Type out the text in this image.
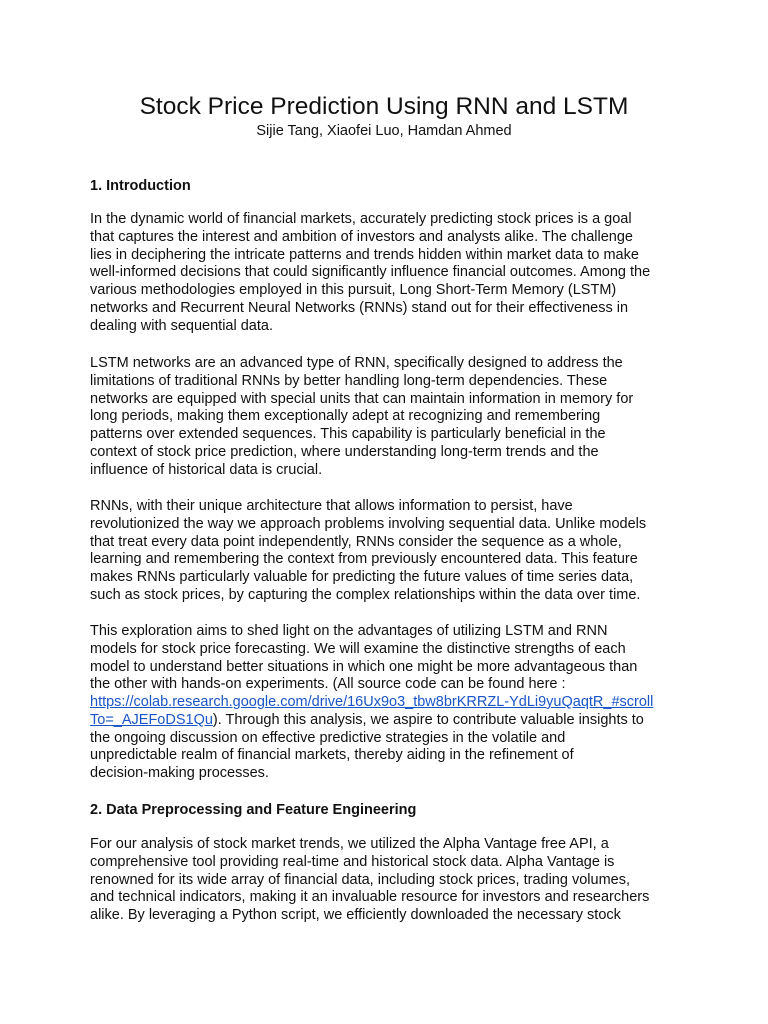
Stock Price Prediction Using RNN and LSTM
Sijie Tang, Xiaofei Luo, Hamdan Ahmed
1. Introduction
In the dynamic world of financial markets, accurately predicting stock prices is a goal
that captures the interest and ambition of investors and analysts alike. The challenge
lies in deciphering the intricate patterns and trends hidden within market data to make
well-informed decisions that could significantly influence financial outcomes. Among the
various methodologies employed in this pursuit, Long Short-Term Memory (LSTM)
networks and Recurrent Neural Networks (RNNs) stand out for their effectiveness in
dealing with sequential data.
LSTM networks are an advanced type of RNN, specifically designed to address the
limitations of traditional RNNs by better handling long-term dependencies. These
networks are equipped with special units that can maintain information in memory for
long periods, making them exceptionally adept at recognizing and remembering
patterns over extended sequences. This capability is particularly beneficial in the
context of stock price prediction, where understanding long-term trends and the
influence of historical data is crucial.
RNNs, with their unique architecture that allows information to persist, have
revolutionized the way we approach problems involving sequential data. Unlike models
that treat every data point independently, RNNs consider the sequence as a whole,
learning and remembering the context from previously encountered data. This feature
makes RNNs particularly valuable for predicting the future values of time series data,
such as stock prices, by capturing the complex relationships within the data over time.
This exploration aims to shed light on the advantages of utilizing LSTM and RNN
models for stock price forecasting. We will examine the distinctive strengths of each
model to understand better situations in which one might be more advantageous than
the other with hands-on experiments. (All source code can be found here :
https://colab.research.google.com/drive/16Ux9o3_tbw8brKRRZL-YdLi9yuQaqtR_#scroll
To=_AJEFoDS1Qu). Through this analysis, we aspire to contribute valuable insights to
the ongoing discussion on effective predictive strategies in the volatile and
unpredictable realm of financial markets, thereby aiding in the refinement of
decision-making processes.
2. Data Preprocessing and Feature Engineering
For our analysis of stock market trends, we utilized the Alpha Vantage free API, a
comprehensive tool providing real-time and historical stock data. Alpha Vantage is
renowned for its wide array of financial data, including stock prices, trading volumes,
and technical indicators, making it an invaluable resource for investors and researchers
alike. By leveraging a Python script, we efficiently downloaded the necessary stock
